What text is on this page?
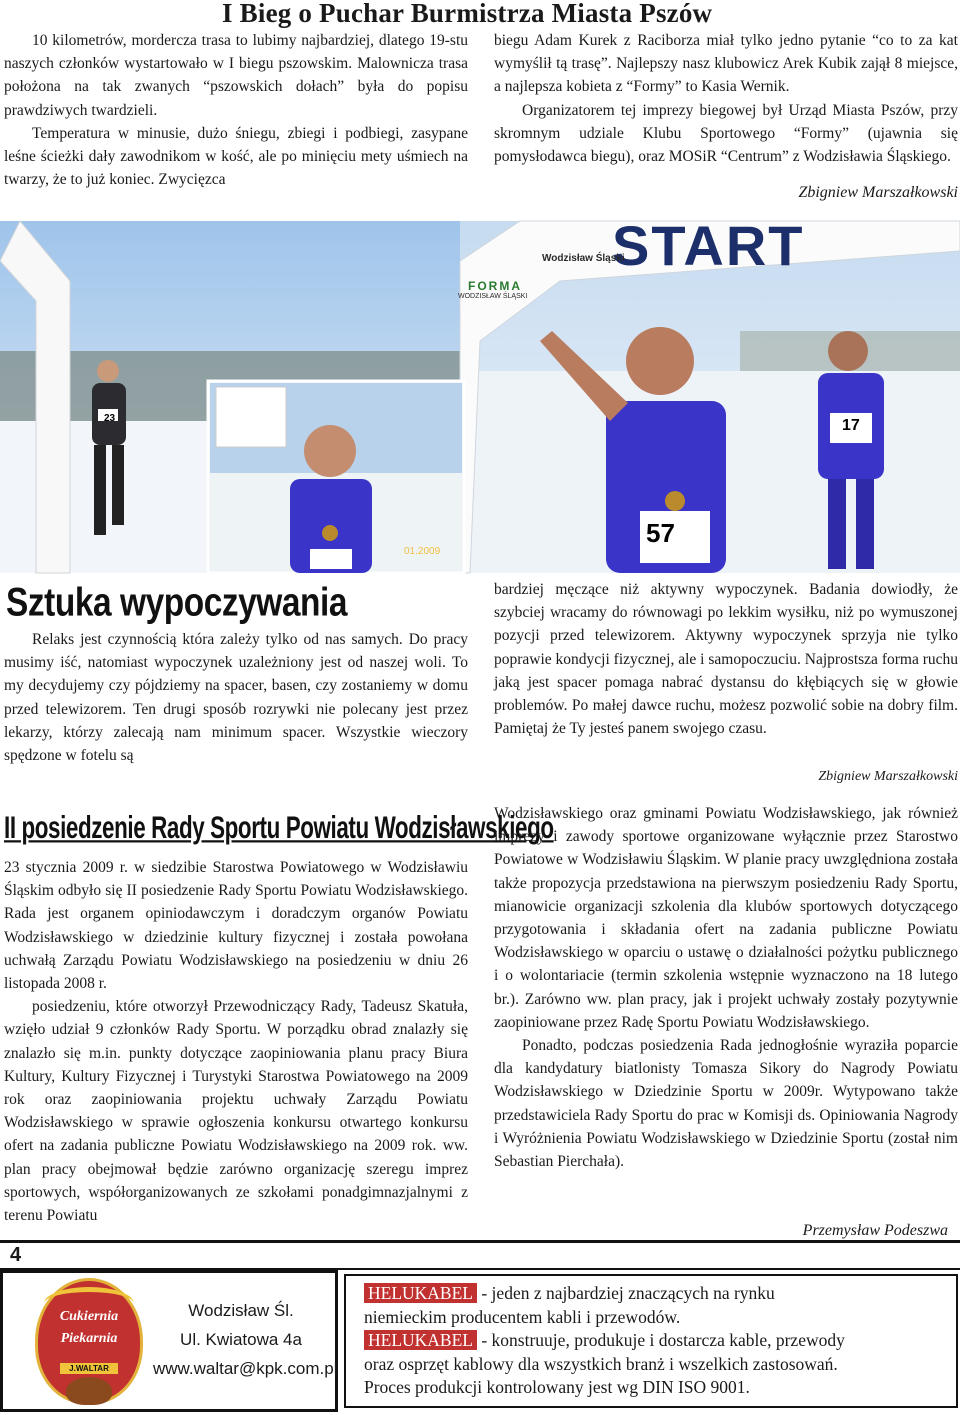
I Bieg o Puchar Burmistrza Miasta Pszów

10 kilometrów, mordercza trasa to lubimy najbardziej, dlatego 19-stu naszych członków wystartowało w I biegu pszowskim. Malownicza trasa położona na tak zwanych “pszowskich dołach” była do popisu prawdziwych twardzieli.

Temperatura w minusie, dużo śniegu, zbiegi i podbiegi, zasypane leśne ścieżki dały zawodnikom w kość, ale po minięciu mety uśmiech na twarzy, że to już koniec. Zwycięzca

biegu Adam Kurek z Raciborza miał tylko jedno pytanie “co to za kat wymyślił tą trasę”. Najlepszy nasz klubowicz Arek Kubik zajął 8 miejsce, a najlepsza kobieta z “Formy” to Kasia Wernik.

Organizatorem tej imprezy biegowej był Urząd Miasta Pszów, przy skromnym udziale Klubu Sportowego “Formy” (ujawnia się pomysłodawca biegu), oraz MOSiR “Centrum” z Wodzisławia Śląskiego.

Zbigniew Marszałkowski
START
Wodzisław Śląski
FORMA
WODZISŁAW ŚLĄSKI
23
57
17
01.2009
Sztuka wypoczywania

Relaks jest czynnością która zależy tylko od nas samych. Do pracy musimy iść, natomiast wypoczynek uzależniony jest od naszej woli. To my decydujemy czy pójdziemy na spacer, basen, czy zostaniemy w domu przed telewizorem. Ten drugi sposób rozrywki nie polecany jest przez lekarzy, którzy zalecają nam minimum spacer. Wszystkie wieczory spędzone w fotelu są

bardziej męczące niż aktywny wypoczynek. Badania dowiodły, że szybciej wracamy do równowagi po lekkim wysiłku, niż po wymuszonej pozycji przed telewizorem. Aktywny wypoczynek sprzyja nie tylko poprawie kondycji fizycznej, ale i samopoczuciu. Najprostsza forma ruchu jaką jest spacer pomaga nabrać dystansu do kłębiących się w głowie problemów. Po małej dawce ruchu, możesz pozwolić sobie na dobry film. Pamiętaj że Ty jesteś panem swojego czasu.

Zbigniew Marszałkowski
II posiedzenie Rady Sportu Powiatu Wodzisławskiego

23 stycznia 2009 r. w siedzibie Starostwa Powiatowego w Wodzisławiu Śląskim odbyło się II posiedzenie Rady Sportu Powiatu Wodzisławskiego. Rada jest organem opiniodawczym i doradczym organów Powiatu Wodzisławskiego w dziedzinie kultury fizycznej i została powołana uchwałą Zarządu Powiatu Wodzisławskiego na posiedzeniu w dniu 26 listopada 2008 r.

posiedzeniu, które otworzył Przewodniczący Rady, Tadeusz Skatuła, wzięło udział 9 członków Rady Sportu. W porządku obrad znalazły się znalazło się m.in. punkty dotyczące zaopiniowania planu pracy Biura Kultury, Kultury Fizycznej i Turystyki Starostwa Powiatowego na 2009 rok oraz zaopiniowania projektu uchwały Zarządu Powiatu Wodzisławskiego w sprawie ogłoszenia konkursu otwartego konkursu ofert na zadania publiczne Powiatu Wodzisławskiego na 2009 rok. ww. plan pracy obejmował będzie zarówno organizację szeregu imprez sportowych, współorganizowanych ze szkołami ponadgimnazjalnymi z terenu Powiatu

Wodzisławskiego oraz gminami Powiatu Wodzisławskiego, jak również imprezy i zawody sportowe organizowane wyłącznie przez Starostwo Powiatowe w Wodzisławiu Śląskim. W planie pracy uwzględniona została także propozycja przedstawiona na pierwszym posiedzeniu Rady Sportu, mianowicie organizacji szkolenia dla klubów sportowych dotyczącego przygotowania i składania ofert na zadania publiczne Powiatu Wodzisławskiego w oparciu o ustawę o działalności pożytku publicznego i o wolontariacie (termin szkolenia wstępnie wyznaczono na 18 lutego br.). Zarówno ww. plan pracy, jak i projekt uchwały zostały pozytywnie zaopiniowane przez Radę Sportu Powiatu Wodzisławskiego.

Ponadto, podczas posiedzenia Rada jednogłośnie wyraziła poparcie dla kandydatury biatlonisty Tomasza Sikory do Nagrody Powiatu Wodzisławskiego w Dziedzinie Sportu w 2009r. Wytypowano także przedstawiciela Rady Sportu do prac w Komisji ds. Opiniowania Nagrody i Wyróżnienia Powiatu Wodzisławskiego w Dziedzinie Sportu (został nim Sebastian Pierchała).

Przemysław Podeszwa
4
Cukiernia
Piekarnia
J.WALTAR
Wodzisław Śl.
Ul. Kwiatowa 4a
www.waltar@kpk.com.pl
HELUKABEL - jeden z najbardziej znaczących na rynku
niemieckim producentem kabli i przewodów.
HELUKABEL - konstruuje, produkuje i dostarcza kable, przewody
oraz osprzęt kablowy dla wszystkich branż i wszelkich zastosowań.
Proces produkcji kontrolowany jest wg DIN ISO 9001.
